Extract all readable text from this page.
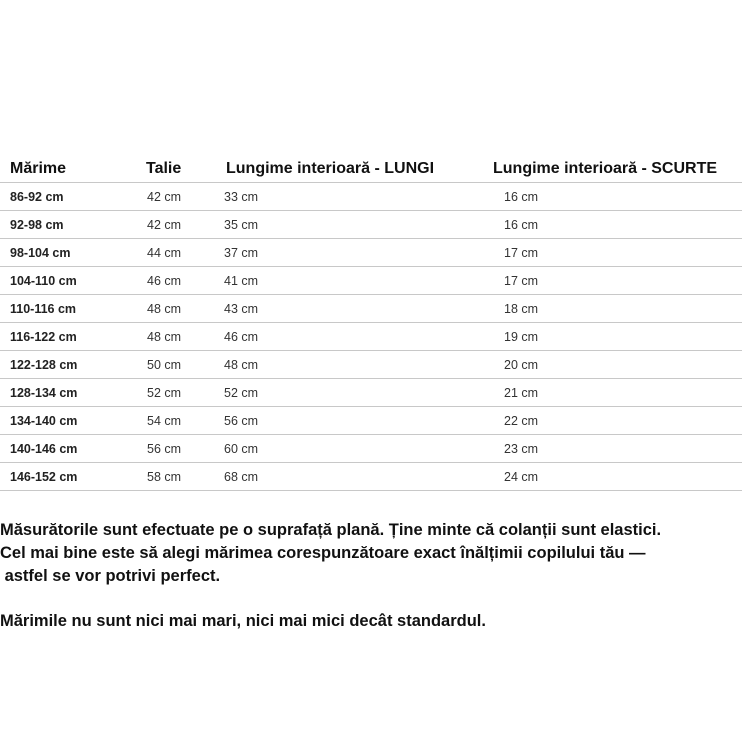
Mărime	Talie	Lungime interioară - LUNGI	Lungime interioară - SCURTE
86-92 cm	42 cm	33 cm	16 cm
92-98 cm	42 cm	35 cm	16 cm
98-104 cm	44 cm	37 cm	17 cm
104-110 cm	46 cm	41 cm	17 cm
110-116 cm	48 cm	43 cm	18 cm
116-122 cm	48 cm	46 cm	19 cm
122-128 cm	50 cm	48 cm	20 cm
128-134 cm	52 cm	52 cm	21 cm
134-140 cm	54 cm	56 cm	22 cm
140-146 cm	56 cm	60 cm	23 cm
146-152 cm	58 cm	68 cm	24 cm

Măsurătorile sunt efectuate pe o suprafață plană. Ține minte că colanții sunt elastici.

Cel mai bine este să alegi mărimea corespunzătoare exact înălțimii copilului tău —

astfel se vor potrivi perfect.

Mărimile nu sunt nici mai mari, nici mai mici decât standardul.
